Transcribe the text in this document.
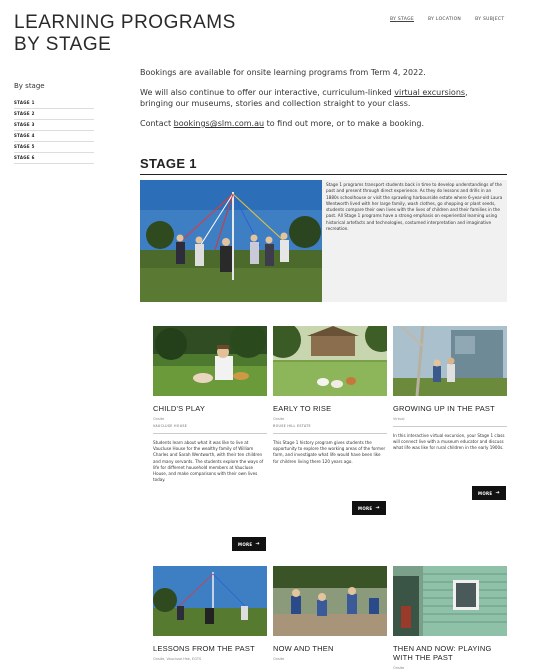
LEARNING PROGRAMS
BY STAGE
BY STAGE	BY LOCATION	BY SUBJECT
By stage
STAGE 1
STAGE 2
STAGE 3
STAGE 4
STAGE 5
STAGE 6

Bookings are available for onsite learning programs from Term 4, 2022.

We will also continue to offer our interactive, curriculum-linked virtual excursions, bringing our museums, stories and collection straight to your class.

Contact bookings@slm.com.au to find out more, or to make a booking.

STAGE 1
Stage 1 programs transport students back in time to develop understandings of the past and present through direct experience. As they do lessons and drills in an 1880s schoolhouse or visit the sprawling harbourside estate where 6-year-old Laura Wentworth lived with her large family, wash clothes, go shopping or plant seeds, students compare their own lives with the lives of children and their families in the past. All Stage 1 programs have a strong emphasis on experiential learning using historical artefacts and technologies, costumed interpretation and imaginative recreation.
CHILD'S PLAY
Onsite
VAUCLUSE HOUSE
Students learn about what it was like to live at Vaucluse House for the wealthy family of William Charles and Sarah Wentworth, with their ten children and many servants. The students explore the ways of life for different household members at Vaucluse House, and make comparisons with their own lives today.
MORE ➔
EARLY TO RISE
Onsite
ROUSE HILL ESTATE
This Stage 1 history program gives students the opportunity to explore the working areas of the former farm, and investigate what life would have been like for children living there 120 years ago.
MORE ➔
GROWING UP IN THE PAST
Virtual
In this interactive virtual excursion, your Stage 1 class will connect live with a museum educator and discuss what life was like for rural children in the early 1900s.
MORE ➔
LESSONS FROM THE PAST
Onsite, Vaucluse Hse, EGTS
NOW AND THEN
Onsite
THEN AND NOW: PLAYING WITH THE PAST
Onsite
